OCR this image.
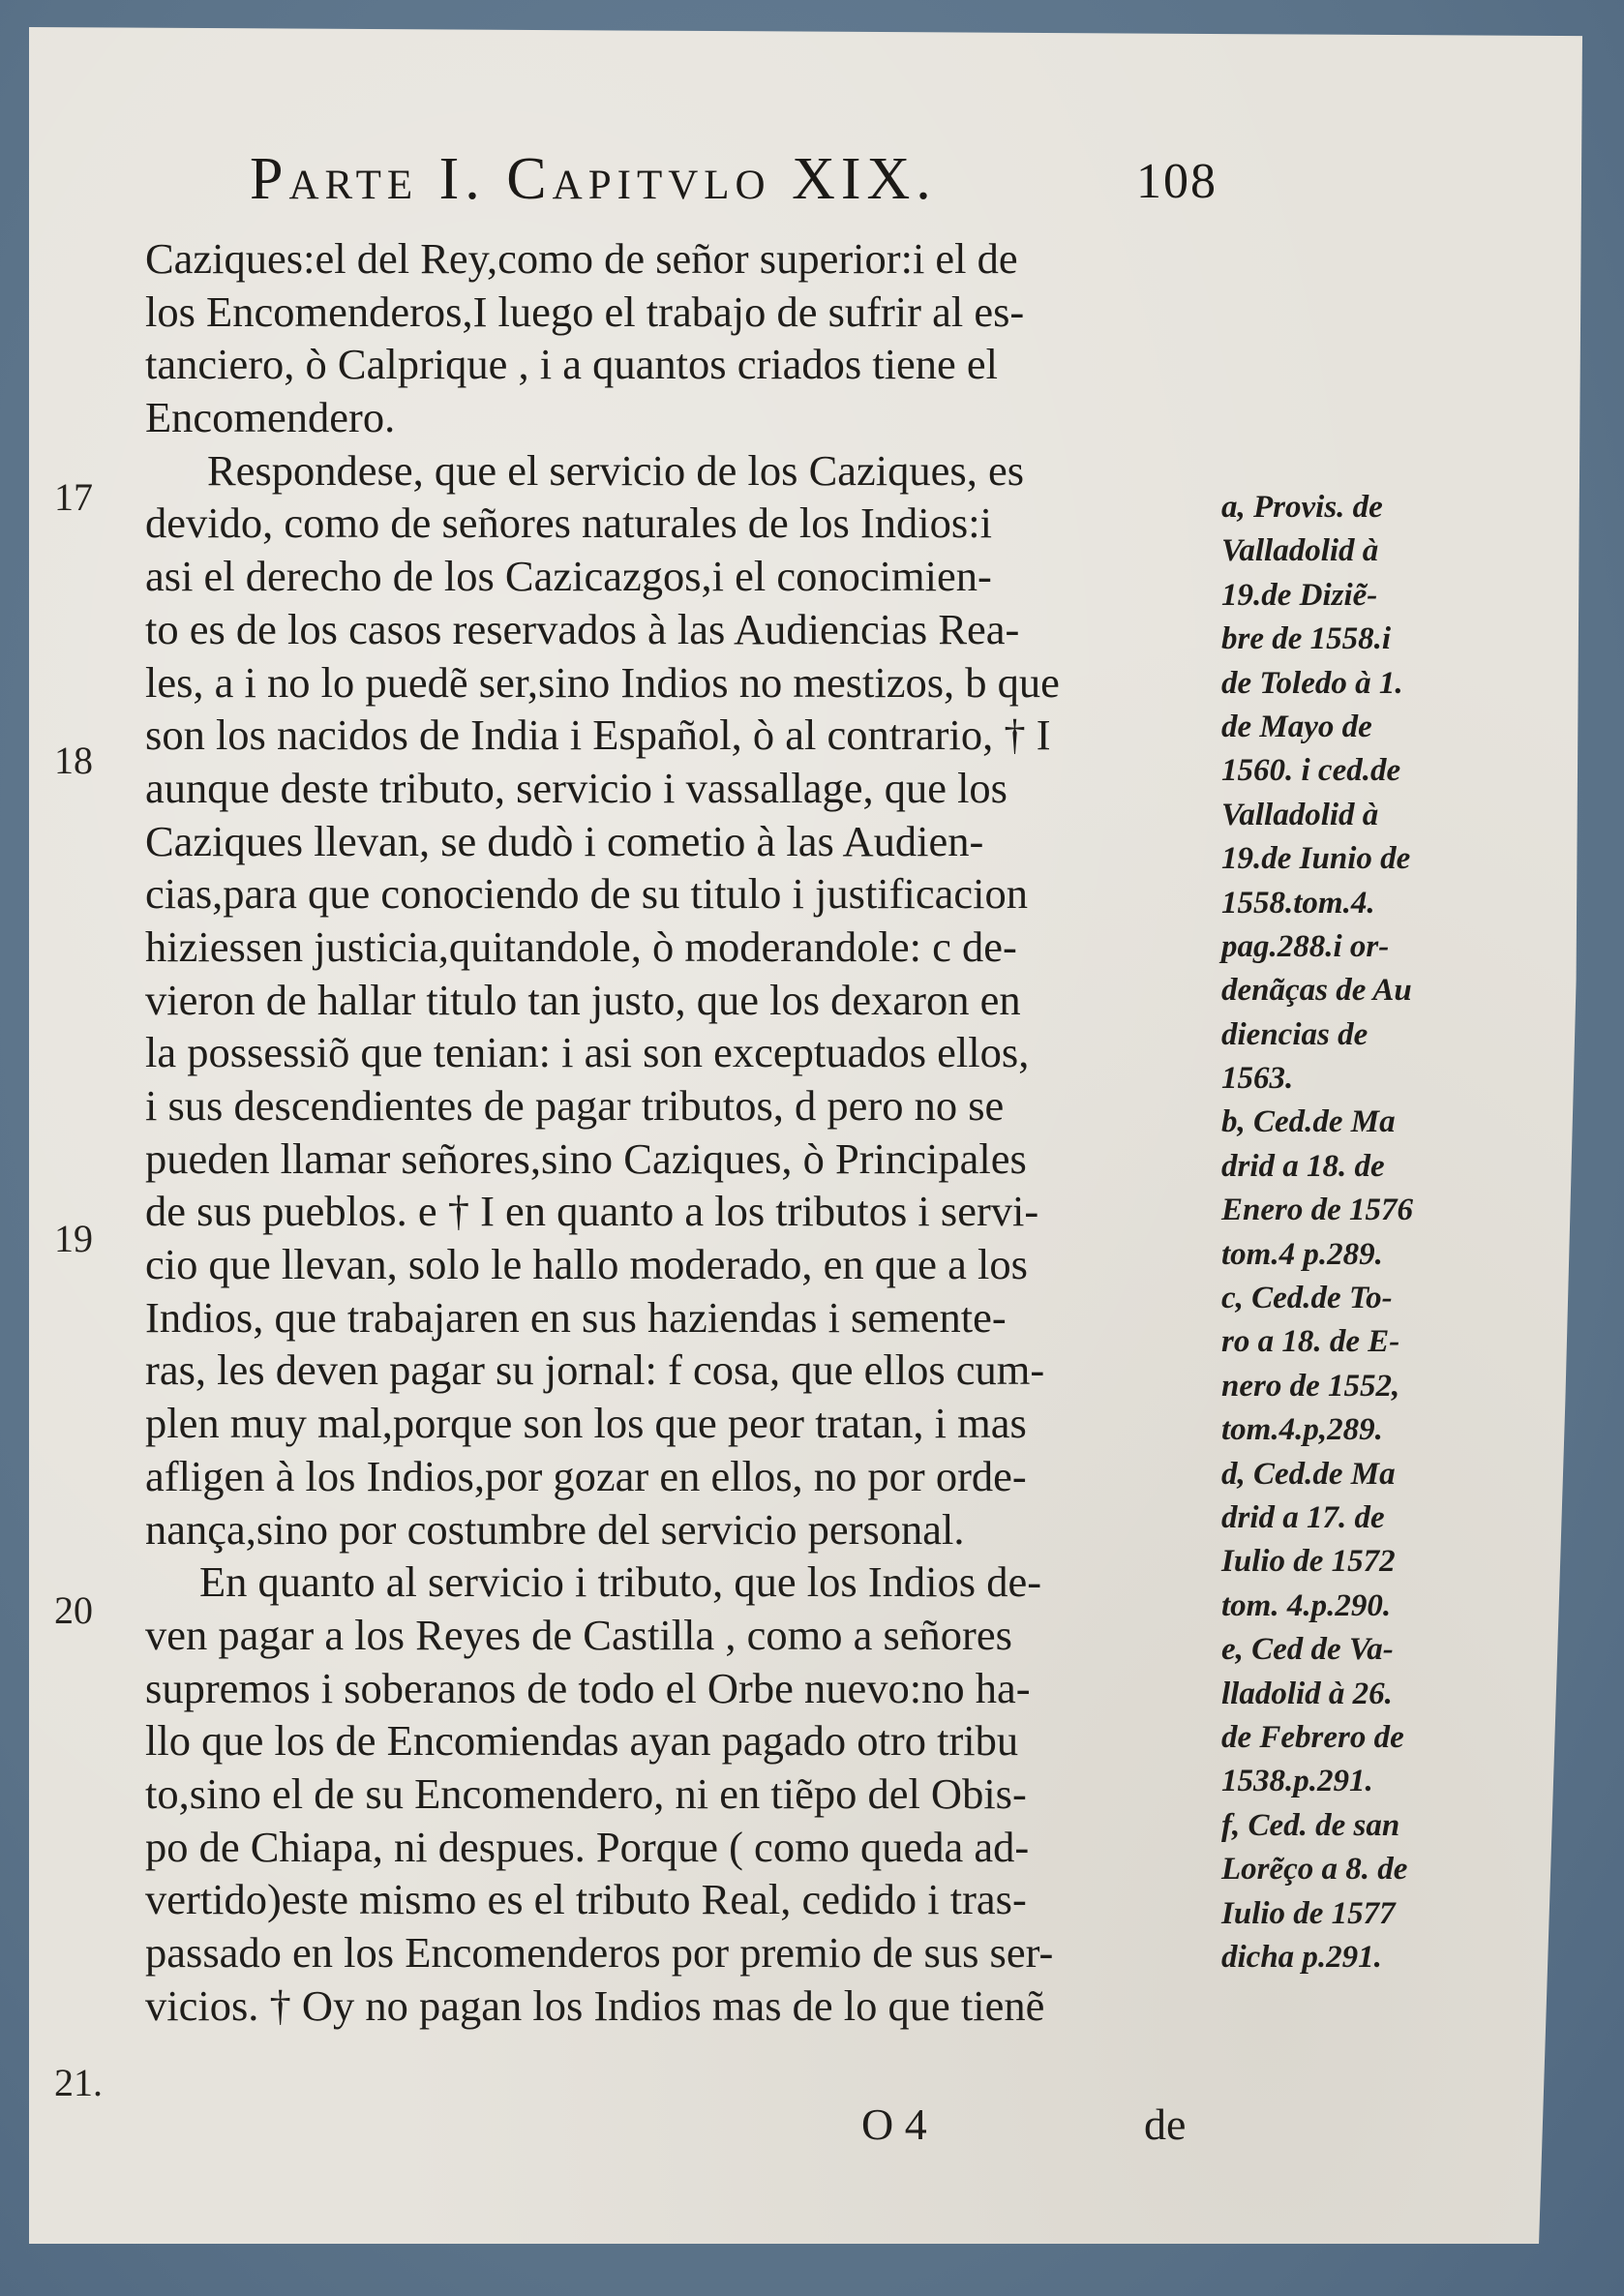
Parte I. Capitvlo XIX.	108
Caziques:el del Rey,como de señor superior:i el de
los Encomenderos,I luego el trabajo de sufrir al es-
tanciero, ò Calprique , i a quantos criados tiene el
Encomendero.
Respondese, que el servicio de los Caziques, es
devido, como de señores naturales de los Indios:i
asi el derecho de los Cazicazgos,i el conocimien-
to es de los casos reservados à las Audiencias Rea-
les, a i no lo puedẽ ser,sino Indios no mestizos, b que
son los nacidos de India i Español, ò al contrario, † I
aunque deste tributo, servicio i vassallage, que los
Caziques llevan, se dudò i cometio à las Audien-
cias,para que conociendo de su titulo i justificacion
hiziessen justicia,quitandole, ò moderandole: c de-
vieron de hallar titulo tan justo, que los dexaron en
la possessiõ que tenian: i asi son exceptuados ellos,
i sus descendientes de pagar tributos, d pero no se
pueden llamar señores,sino Caziques, ò Principales
de sus pueblos. e † I en quanto a los tributos i servi-
cio que llevan, solo le hallo moderado, en que a los
Indios, que trabajaren en sus haziendas i semente-
ras, les deven pagar su jornal: f cosa, que ellos cum-
plen muy mal,porque son los que peor tratan, i mas
afligen à los Indios,por gozar en ellos, no por orde-
nança,sino por costumbre del servicio personal.
En quanto al servicio i tributo, que los Indios de-
ven pagar a los Reyes de Castilla , como a señores
supremos i soberanos de todo el Orbe nuevo:no ha-
llo que los de Encomiendas ayan pagado otro tribu
to,sino el de su Encomendero, ni en tiẽpo del Obis-
po de Chiapa, ni despues. Porque ( como queda ad-
vertido)este mismo es el tributo Real, cedido i tras-
passado en los Encomenderos por premio de sus ser-
vicios. † Oy no pagan los Indios mas de lo que tienẽ
17
18
19
20
21.
a, Provis. de
Valladolid à
19.de Diziẽ-
bre de 1558.i
de Toledo à 1.
de Mayo de
1560. i ced.de
Valladolid à
19.de Iunio de
1558.tom.4.
pag.288.i or-
denãças de Au
diencias de
1563.
b, Ced.de Ma
drid a 18. de
Enero de 1576
tom.4 p.289.
c, Ced.de To-
ro a 18. de E-
nero de 1552,
tom.4.p,289.
d, Ced.de Ma
drid a 17. de
Iulio de 1572
tom. 4.p.290.
e, Ced de Va-
lladolid à 26.
de Febrero de
1538.p.291.
f, Ced. de san
Lorẽço a 8. de
Iulio de 1577
dicha p.291.
O 4	de
